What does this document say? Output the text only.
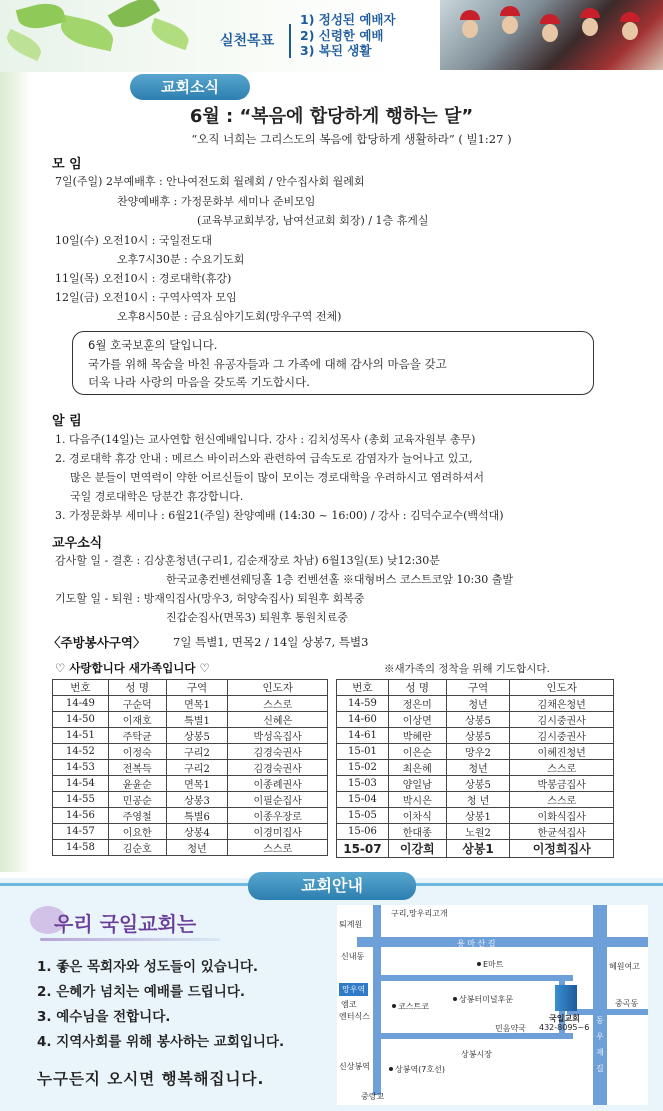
실천목표
1) 정성된 예배자
2) 신령한 예배
3) 복된 생활
교회소식
6월 : “복음에 합당하게 행하는 달”
“오직 너희는 그리스도의 복음에 합당하게 생활하라” ( 빌1:27 )
모 임
7일(주일) 2부예배후 : 안나여전도회 월례회 / 안수집사회 월례회
찬양예배후 : 가정문화부 세미나 준비모임
(교육부교회부장, 남여선교회 회장) / 1층 휴게실
10일(수) 오전10시 : 국일전도대
오후7시30분 : 수요기도회
11일(목) 오전10시 : 경로대학(휴강)
12일(금) 오전10시 : 구역사역자 모임
오후8시50분 : 금요심야기도회(망우구역 전체)
6월 호국보훈의 달입니다.
국가를 위해 목숨을 바친 유공자들과 그 가족에 대해 감사의 마음을 갖고
더욱 나라 사랑의 마음을 갖도록 기도합시다.
알 림
1. 다음주(14일)는 교사연합 헌신예배입니다. 강사 : 김치성목사 (총회 교육자원부 총무)
2. 경로대학 휴강 안내 : 메르스 바이러스와 관련하여 급속도로 감염자가 늘어나고 있고,
많은 분들이 면역력이 약한 어르신들이 많이 모이는 경로대학을 우려하시고 염려하셔서
국일 경로대학은 당분간 휴강합니다.
3. 가정문화부 세미나 : 6월21(주일) 찬양예배 (14:30 ~ 16:00) / 강사 : 김덕수교수(백석대)
교우소식
감사할 일 - 결혼 : 김상훈청년(구리1, 김순재장로 차남) 6월13일(토) 낮12:30분
한국교총컨벤션웨딩홀 1층 컨벤션홀 ※대형버스 코스트코앞 10:30 출발
기도할 일 - 퇴원 : 방재익집사(망우3, 허양숙집사) 퇴원후 회복중
진갑순집사(면목3) 퇴원후 통원치료중
〈주방봉사구역〉 7일 특별1, 면목2 / 14일 상봉7, 특별3
♡ 사랑합니다 새가족입니다 ♡	※새가족의 정착을 위해 기도합시다.
번호	성 명	구역	인도자
14-49	구순덕	면목1	스스로
14-50	이재호	특별1	신혜은
14-51	주탁균	상봉5	박성옥집사
14-52	이정숙	구리2	김경숙권사
14-53	전복득	구리2	김경숙권사
14-54	윤윤순	면목1	이종례권사
14-55	민공순	상봉3	이필순집사
14-56	주영철	특별6	이종우장로
14-57	이요한	상봉4	이경미집사
14-58	김순호	청년	스스로
번호	성 명	구역	인도자
14-59	정은미	청년	김채은청년
14-60	이상면	상봉5	김시중권사
14-61	박혜란	상봉5	김시중권사
15-01	이은순	망우2	이혜진청년
15-02	최은혜	청년	스스로
15-03	양일남	상봉5	박봉금집사
15-04	박시은	청 년	스스로
15-05	이차식	상봉1	이화식집사
15-06	한대종	노원2	한균석집사
15-07	이강희	상봉1	이정희집사
교회안내
우리 국일교회는
1. 좋은 목회자와 성도들이 있습니다.
2. 은혜가 넘치는 예배를 드립니다.
3. 예수님을 전합니다.
4. 지역사회를 위해 봉사하는 교회입니다.
누구든지 오시면 행복해집니다.
구리,망우리고개
퇴계원
신내동
용 마 산 길
E마트	혜원여고
중곡동
망우역
엠코
엔터식스
코스트코
상봉터미널후문
민음약국
국일교회
432-8095~6
동
우
재
길
상봉시장
신상봉역	상봉역(7호선)
중랑교
